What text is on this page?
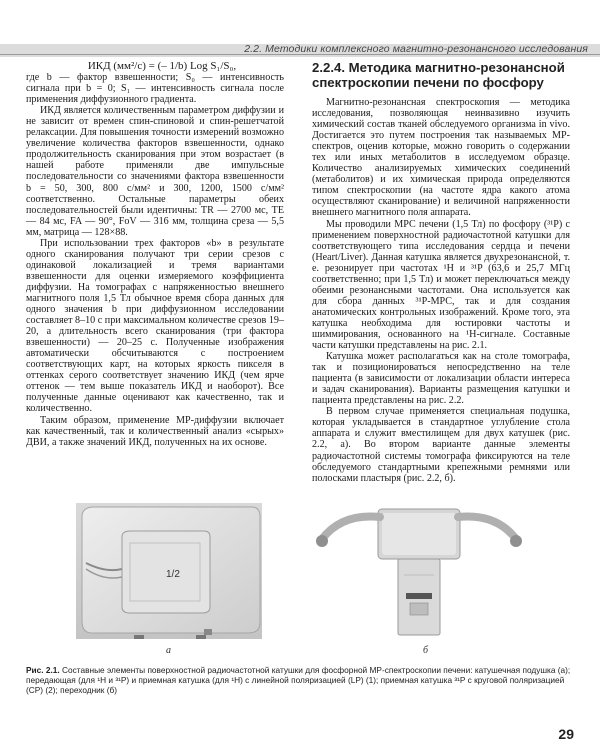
2.2. Методики комплексного магнитно-резонансного исследования

ИКД (мм²/с) = (– 1/b) Log S₁/S₀,

где b — фактор взвешенности; S₀ — интенсивность сигнала при b = 0; S₁ — интенсивность сигнала после применения диффузионного градиента.

ИКД является количественным параметром диффузии и не зависит от времен спин-спиновой и спин-решетчатой релаксации. Для повышения точности измерений возможно увеличение количества факторов взвешенности, однако продолжительность сканирования при этом возрастает (в нашей работе применяли две импульсные последовательности со значениями фактора взвешенности b = 50, 300, 800 с/мм² и 300, 1200, 1500 с/мм² соответственно. Остальные параметры обеих последовательностей были идентичны: TR — 2700 мс, TE — 84 мс, FA — 90°, FoV — 316 мм, толщина среза — 5,5 мм, матрица — 128×88.

При использовании трех факторов «b» в результате одного сканирования получают три серии срезов с одинаковой локализацией и тремя вариантами взвешенности для оценки измеряемого коэффициента диффузии. На томографах с напряженностью внешнего магнитного поля 1,5 Тл обычное время сбора данных для одного значения b при диффузионном исследовании составляет 8–10 с при максимальном количестве срезов 19–20, а длительность всего сканирования (три фактора взвешенности) — 20–25 с. Полученные изображения автоматически обсчитываются с построением соответствующих карт, на которых яркость пикселя в оттенках серого соответствует значению ИКД (чем ярче оттенок — тем выше показатель ИКД и наоборот). Все полученные данные оценивают как качественно, так и количественно.

Таким образом, применение МР-диффузии включает как качественный, так и количественный анализ «сырых» ДВИ, а также значений ИКД, полученных на их основе.

2.2.4. Методика магнитно-резонансной спектроскопии печени по фосфору

Магнитно-резонансная спектроскопия — методика исследования, позволяющая неинвазивно изучить химический состав тканей обследуемого организма in vivo. Достигается это путем построения так называемых МР-спектров, оценив которые, можно говорить о содержании тех или иных метаболитов в исследуемом образце. Количество анализируемых химических соединений (метаболитов) и их химическая природа определяются типом спектроскопии (на частоте ядра какого атома осуществляют сканирование) и величиной напряженности внешнего магнитного поля аппарата.

Мы проводили МРС печени (1,5 Тл) по фосфору (³¹P) с применением поверхностной радиочастотной катушки для соответствующего типа исследования сердца и печени (Heart/Liver). Данная катушка является двухрезонансной, т. е. резонирует при частотах ¹H и ³¹P (63,6 и 25,7 МГц соответственно; при 1,5 Тл) и может переключаться между обеими резонансными частотами. Она используется как для сбора данных ³¹P-МРС, так и для создания анатомических контрольных изображений. Кроме того, эта катушка необходима для юстировки частоты и шиммирования, основанного на ¹H-сигнале. Составные части катушки представлены на рис. 2.1.

Катушка может располагаться как на столе томографа, так и позиционироваться непосредственно на теле пациента (в зависимости от локализации области интереса и задач сканирования). Варианты размещения катушки и пациента представлены на рис. 2.2.

В первом случае применяется специальная подушка, которая укладывается в стандартное углубление стола аппарата и служит вместилищем для двух катушек (рис. 2.2, а). Во втором варианте данные элементы радиочастотной системы томографа фиксируются на теле обследуемого стандартными крепежными ремнями или полосками пластыря (рис. 2.2, б).

1/2
а	б
Рис. 2.1. Составные элементы поверхностной радиочастотной катушки для фосфорной МР-спектроскопии печени: катушечная подушка (а); передающая (для ¹H и ³¹P) и приемная катушка (для ¹H) с линейной поляризацией (LP) (1); приемная катушка ³¹P с круговой поляризацией (CP) (2); переходник (б)
29
